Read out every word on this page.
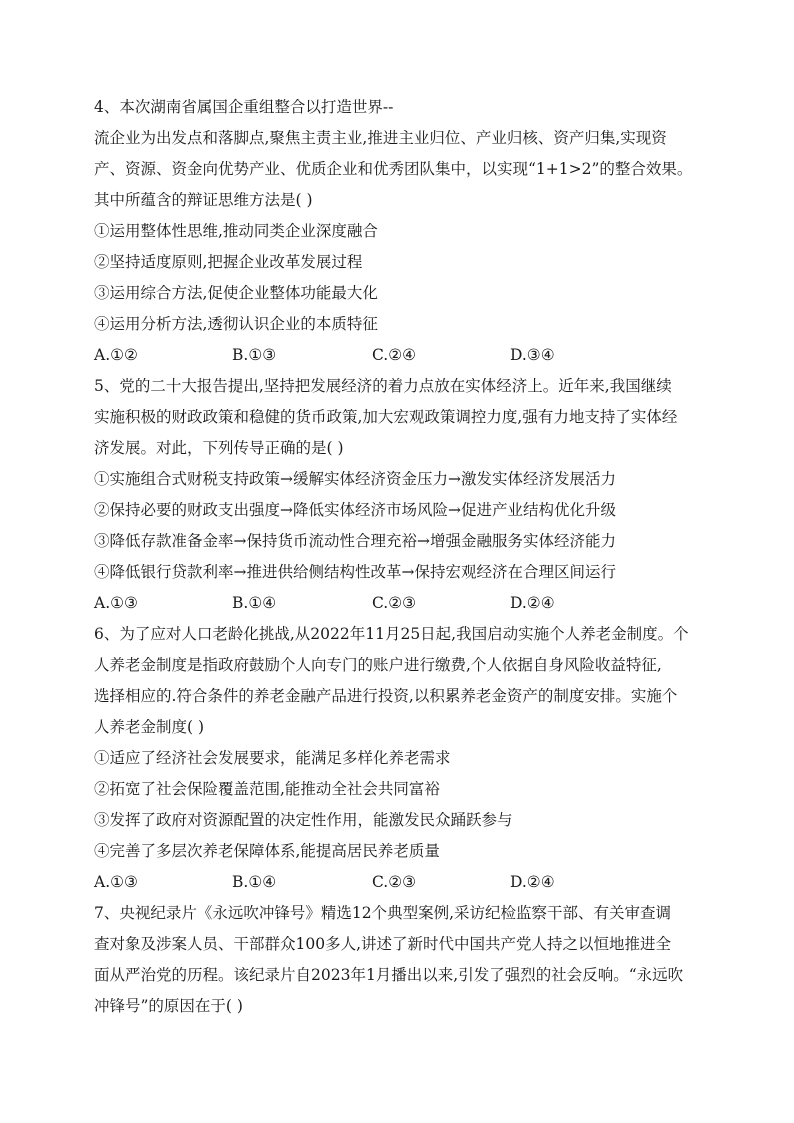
4、本次湖南省属国企重组整合以打造世界--
流企业为出发点和落脚点,聚焦主责主业,推进主业归位、产业归核、资产归集,实现资
产、资源、资金向优势产业、优质企业和优秀团队集中，以实现“1+1>2”的整合效果。
其中所蕴含的辩证思维方法是( )
①运用整体性思维,推动同类企业深度融合
②坚持适度原则,把握企业改革发展过程
③运用综合方法,促使企业整体功能最大化
④运用分析方法,透彻认识企业的本质特征
A.①②	B.①③	C.②④	D.③④
5、党的二十大报告提出,坚持把发展经济的着力点放在实体经济上。近年来,我国继续
实施积极的财政政策和稳健的货币政策,加大宏观政策调控力度,强有力地支持了实体经
济发展。对此，下列传导正确的是( )
①实施组合式财税支持政策→缓解实体经济资金压力→激发实体经济发展活力
②保持必要的财政支出强度→降低实体经济市场风险→促进产业结构优化升级
③降低存款准备金率→保持货币流动性合理充裕→增强金融服务实体经济能力
④降低银行贷款利率→推进供给侧结构性改革→保持宏观经济在合理区间运行
A.①③	B.①④	C.②③	D.②④
6、为了应对人口老龄化挑战,从2022年11月25日起,我国启动实施个人养老金制度。个
人养老金制度是指政府鼓励个人向专门的账户进行缴费,个人依据自身风险收益特征,
选择相应的.符合条件的养老金融产品进行投资,以积累养老金资产的制度安排。实施个
人养老金制度( )
①适应了经济社会发展要求，能满足多样化养老需求
②拓宽了社会保险覆盖范围,能推动全社会共同富裕
③发挥了政府对资源配置的决定性作用，能激发民众踊跃参与
④完善了多层次养老保障体系,能提高居民养老质量
A.①③	B.①④	C.②③	D.②④
7、央视纪录片《永远吹冲锋号》精选12个典型案例,采访纪检监察干部、有关审查调
查对象及涉案人员、干部群众100多人,讲述了新时代中国共产党人持之以恒地推进全
面从严治党的历程。该纪录片自2023年1月播出以来,引发了强烈的社会反响。“永远吹
冲锋号”的原因在于( )
